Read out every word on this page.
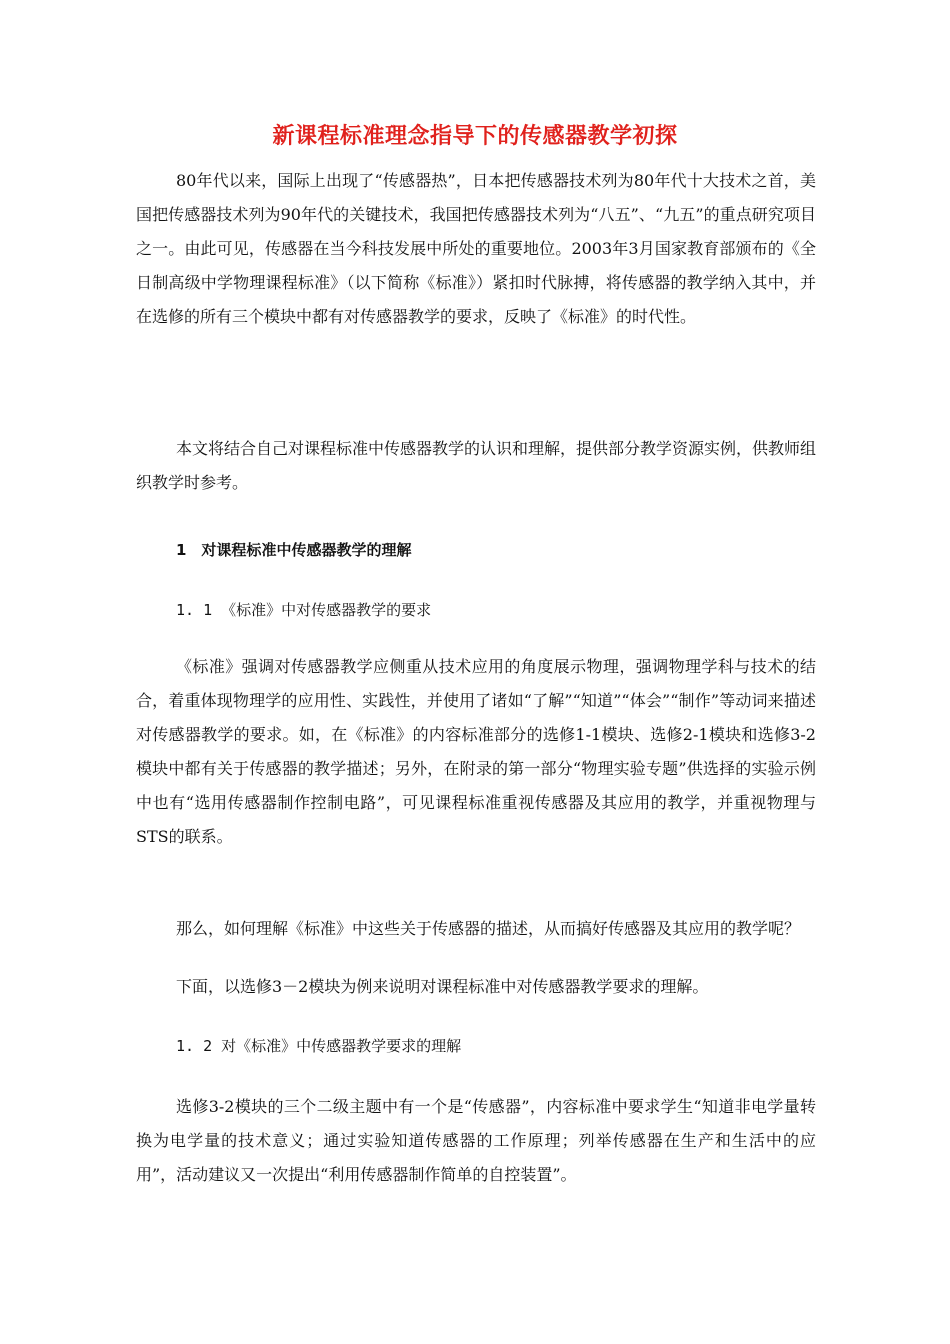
新课程标准理念指导下的传感器教学初探

80年代以来，国际上出现了“传感器热”，日本把传感器技术列为80年代十大技术之首，美国把传感器技术列为90年代的关键技术，我国把传感器技术列为“八五”、“九五”的重点研究项目之一。由此可见，传感器在当今科技发展中所处的重要地位。2003年3月国家教育部颁布的《全日制高级中学物理课程标准》（以下简称《标准》）紧扣时代脉搏，将传感器的教学纳入其中，并在选修的所有三个模块中都有对传感器教学的要求，反映了《标准》的时代性。

本文将结合自己对课程标准中传感器教学的认识和理解，提供部分教学资源实例，供教师组织教学时参考。

1　对课程标准中传感器教学的理解
1. 1 《标准》中对传感器教学的要求

《标准》强调对传感器教学应侧重从技术应用的角度展示物理，强调物理学科与技术的结合，着重体现物理学的应用性、实践性，并使用了诸如“了解”“知道”“体会”“制作”等动词来描述对传感器教学的要求。如，在《标准》的内容标准部分的选修1-1模块、选修2-1模块和选修3-2模块中都有关于传感器的教学描述；另外，在附录的第一部分“物理实验专题”供选择的实验示例中也有“选用传感器制作控制电路”，可见课程标准重视传感器及其应用的教学，并重视物理与STS的联系。

那么，如何理解《标准》中这些关于传感器的描述，从而搞好传感器及其应用的教学呢？

下面，以选修3－2模块为例来说明对课程标准中对传感器教学要求的理解。

1. 2 对《标准》中传感器教学要求的理解

选修3-2模块的三个二级主题中有一个是“传感器”，内容标准中要求学生“知道非电学量转换为电学量的技术意义；通过实验知道传感器的工作原理；列举传感器在生产和生活中的应用”，活动建议又一次提出“利用传感器制作简单的自控装置”。
